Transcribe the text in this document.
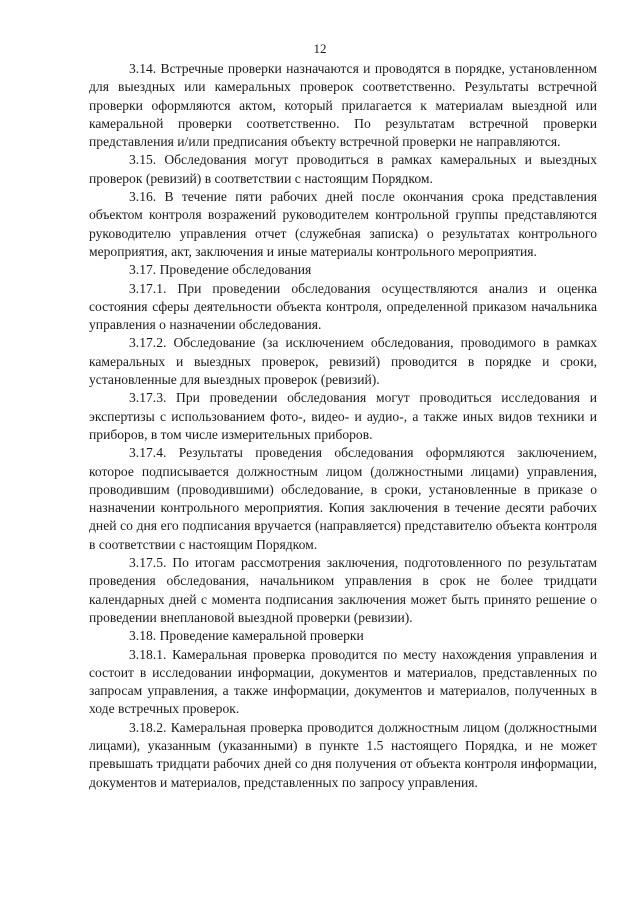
12

3.14. Встречные проверки назначаются и проводятся в порядке, установленном для выездных или камеральных проверок соответственно. Результаты встречной проверки оформляются актом, который прилагается к материалам выездной или камеральной проверки соответственно. По результатам встречной проверки представления и/или предписания объекту встречной проверки не направляются.

3.15. Обследования могут проводиться в рамках камеральных и выездных проверок (ревизий) в соответствии с настоящим Порядком.

3.16. В течение пяти рабочих дней после окончания срока представления объектом контроля возражений руководителем контрольной группы представляются руководителю управления отчет (служебная записка) о результатах контрольного мероприятия, акт, заключения и иные материалы контрольного мероприятия.

3.17. Проведение обследования

3.17.1. При проведении обследования осуществляются анализ и оценка состояния сферы деятельности объекта контроля, определенной приказом начальника управления о назначении обследования.

3.17.2. Обследование (за исключением обследования, проводимого в рамках камеральных и выездных проверок, ревизий) проводится в порядке и сроки, установленные для выездных проверок (ревизий).

3.17.3. При проведении обследования могут проводиться исследования и экспертизы с использованием фото-, видео- и аудио-, а также иных видов техники и приборов, в том числе измерительных приборов.

3.17.4. Результаты проведения обследования оформляются заключением, которое подписывается должностным лицом (должностными лицами) управления, проводившим (проводившими) обследование, в сроки, установленные в приказе о назначении контрольного мероприятия. Копия заключения в течение десяти рабочих дней со дня его подписания вручается (направляется) представителю объекта контроля в соответствии с настоящим Порядком.

3.17.5. По итогам рассмотрения заключения, подготовленного по результатам проведения обследования, начальником управления в срок не более тридцати календарных дней с момента подписания заключения может быть принято решение о проведении внеплановой выездной проверки (ревизии).

3.18. Проведение камеральной проверки

3.18.1. Камеральная проверка проводится по месту нахождения управления и состоит в исследовании информации, документов и материалов, представленных по запросам управления, а также информации, документов и материалов, полученных в ходе встречных проверок.

3.18.2. Камеральная проверка проводится должностным лицом (должностными лицами), указанным (указанными) в пункте 1.5 настоящего Порядка, и не может превышать тридцати рабочих дней со дня получения от объекта контроля информации, документов и материалов, представленных по запросу управления.
